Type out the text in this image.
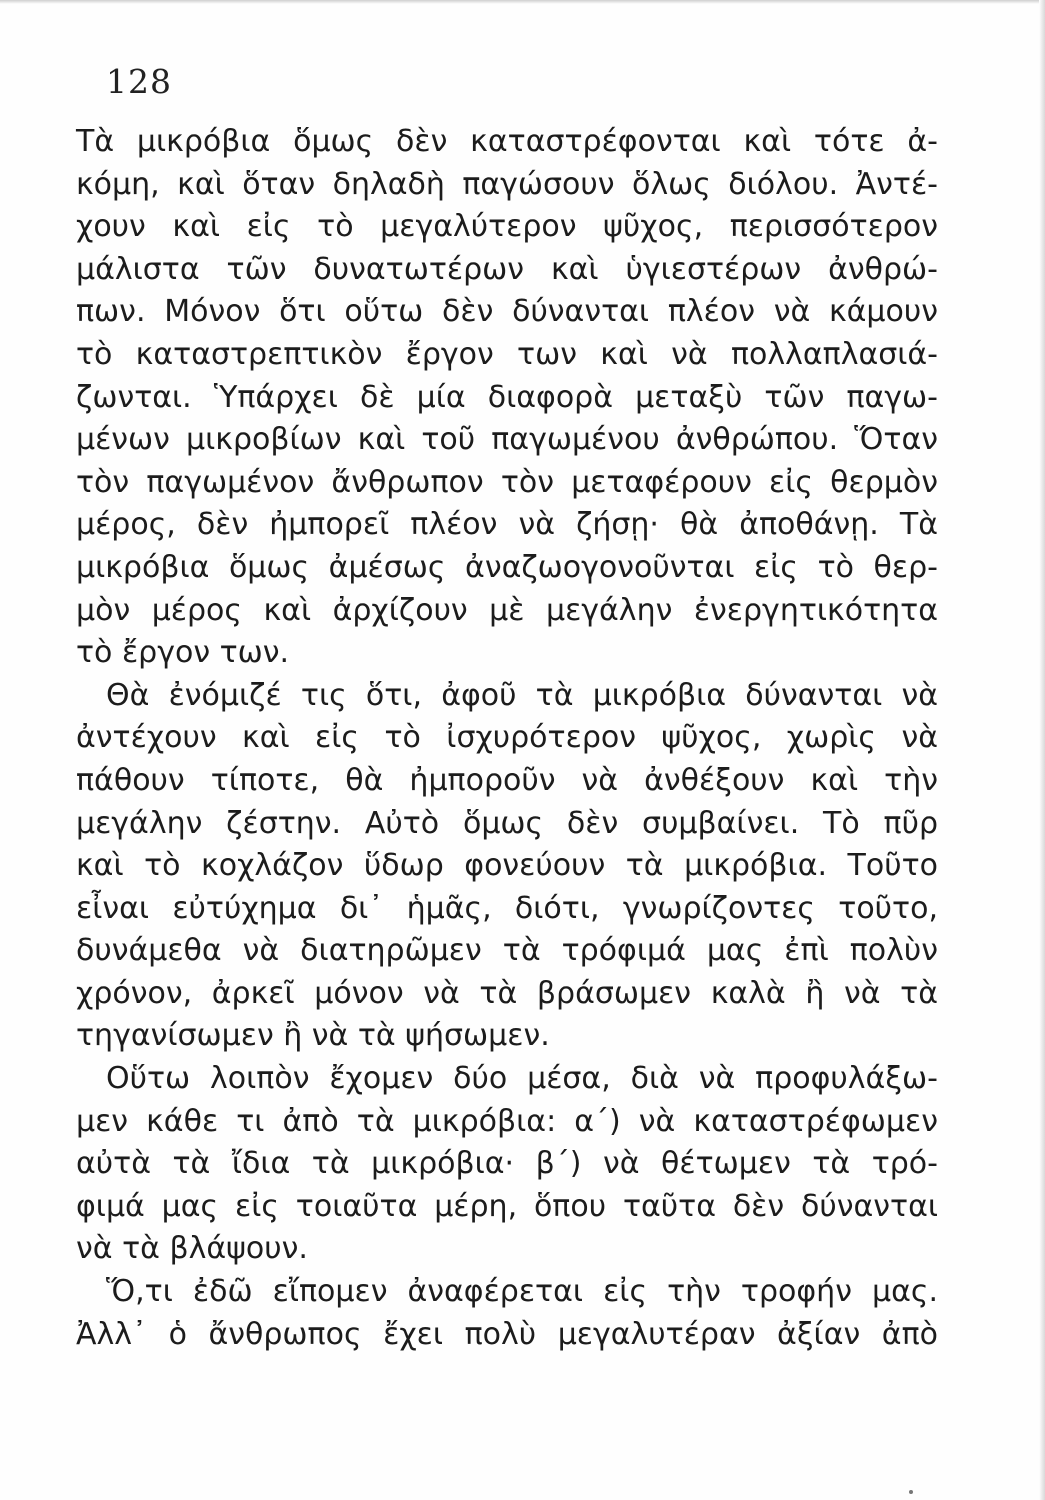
128
Τὰ μικρόβια ὅμως δὲν καταστρέφονται καὶ τότε ἀ-
κόμη, καὶ ὅταν δηλαδὴ παγώσουν ὅλως διόλου. Ἀντέ-
χουν καὶ εἰς τὸ μεγαλύτερον ψῦχος, περισσότερον
μάλιστα τῶν δυνατωτέρων καὶ ὑγιεστέρων ἀνθρώ-
πων. Μόνον ὅτι οὕτω δὲν δύνανται πλέον νὰ κάμουν
τὸ καταστρεπτικὸν ἔργον των καὶ νὰ πολλαπλασιά-
ζωνται. Ὑπάρχει δὲ μία διαφορὰ μεταξὺ τῶν παγω-
μένων μικροβίων καὶ τοῦ παγωμένου ἀνθρώπου. Ὅταν
τὸν παγωμένον ἄνθρωπον τὸν μεταφέρουν εἰς θερμὸν
μέρος, δὲν ἠμπορεῖ πλέον νὰ ζήσῃ· θὰ ἀποθάνῃ. Τὰ
μικρόβια ὅμως ἀμέσως ἀναζωογονοῦνται εἰς τὸ θερ-
μὸν μέρος καὶ ἀρχίζουν μὲ μεγάλην ἐνεργητικότητα
τὸ ἔργον των.
Θὰ ἐνόμιζέ τις ὅτι, ἀφοῦ τὰ μικρόβια δύνανται νὰ
ἀντέχουν καὶ εἰς τὸ ἰσχυρότερον ψῦχος, χωρὶς νὰ
πάθουν τίποτε, θὰ ἠμποροῦν νὰ ἀνθέξουν καὶ τὴν
μεγάλην ζέστην. Αὐτὸ ὅμως δὲν συμβαίνει. Τὸ πῦρ
καὶ τὸ κοχλάζον ὕδωρ φονεύουν τὰ μικρόβια. Τοῦτο
εἶναι εὐτύχημα δι᾿ ἡμᾶς, διότι, γνωρίζοντες τοῦτο,
δυνάμεθα νὰ διατηρῶμεν τὰ τρόφιμά μας ἐπὶ πολὺν
χρόνον, ἀρκεῖ μόνον νὰ τὰ βράσωμεν καλὰ ἢ νὰ τὰ
τηγανίσωμεν ἢ νὰ τὰ ψήσωμεν.
Οὕτω λοιπὸν ἔχομεν δύο μέσα, διὰ νὰ προφυλάξω-
μεν κάθε τι ἀπὸ τὰ μικρόβια: α΄) νὰ καταστρέφωμεν
αὐτὰ τὰ ἴδια τὰ μικρόβια· β΄) νὰ θέτωμεν τὰ τρό-
φιμά μας εἰς τοιαῦτα μέρη, ὅπου ταῦτα δὲν δύνανται
νὰ τὰ βλάψουν.
Ὅ,τι ἐδῶ εἴπομεν ἀναφέρεται εἰς τὴν τροφήν μας.
Ἀλλ᾿ ὁ ἄνθρωπος ἔχει πολὺ μεγαλυτέραν ἀξίαν ἀπὸ
